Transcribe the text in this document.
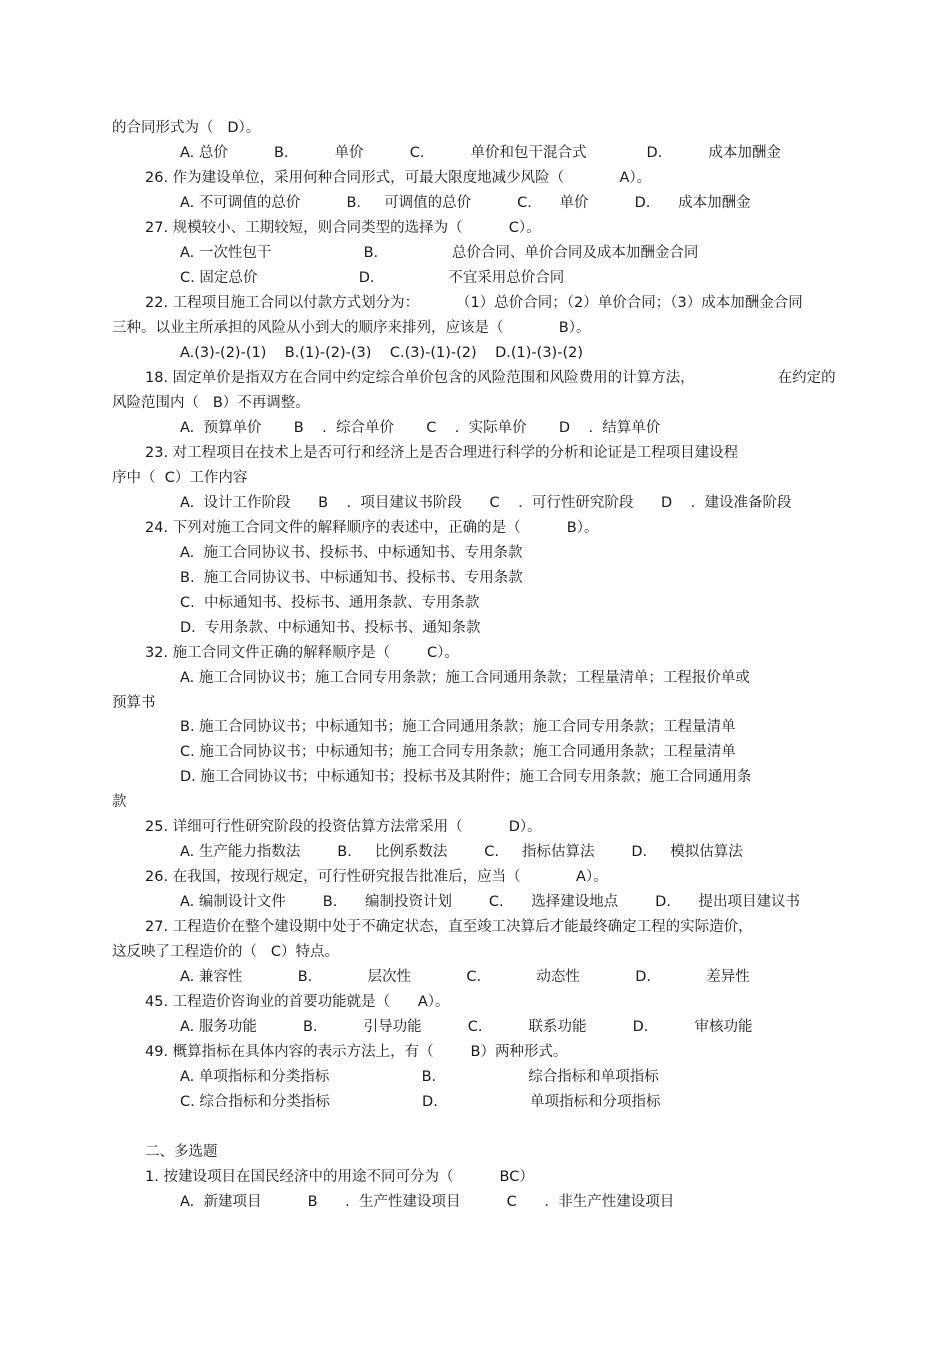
的合同形式为（   D）。
A. 总价          B.          单价          C.          单价和包干混合式             D.          成本加酬金
26. 作为建设单位，采用何种合同形式，可最大限度地减少风险（            A）。
A. 不可调值的总价          B.     可调值的总价          C.      单价          D.      成本加酬金
27. 规模较小、工期较短，则合同类型的选择为（          C）。
A. 一次性包干                    B.                总价合同、单价合同及成本加酬金合同
C. 固定总价                      D.                不宜采用总价合同
22. 工程项目施工合同以付款方式划分为：        （1）总价合同；（2）单价合同；（3）成本加酬金合同
三种。以业主所承担的风险从小到大的顺序来排列，应该是（            B）。
A.(3)-(2)-(1)    B.(1)-(2)-(3)    C.(3)-(1)-(2)    D.(1)-(3)-(2)
18. 固定单价是指双方在合同中约定综合单价包含的风险范围和风险费用的计算方法，                  在约定的
风险范围内（   B）不再调整。
A.  预算单价       B    .  综合单价       C    .  实际单价       D    .  结算单价
23. 对工程项目在技术上是否可行和经济上是否合理进行科学的分析和论证是工程项目建设程
序中（  C）工作内容
A.  设计工作阶段      B    .  项目建议书阶段      C    .  可行性研究阶段      D    .  建设准备阶段
24. 下列对施工合同文件的解释顺序的表述中，正确的是（          B）。
A.  施工合同协议书、投标书、中标通知书、专用条款
B.  施工合同协议书、中标通知书、投标书、专用条款
C.  中标通知书、投标书、通用条款、专用条款
D.  专用条款、中标通知书、投标书、通知条款
32. 施工合同文件正确的解释顺序是（        C）。
A. 施工合同协议书；施工合同专用条款；施工合同通用条款；工程量清单；工程报价单或
预算书
B. 施工合同协议书；中标通知书；施工合同通用条款；施工合同专用条款；工程量清单
C. 施工合同协议书；中标通知书；施工合同专用条款；施工合同通用条款；工程量清单
D. 施工合同协议书；中标通知书；投标书及其附件；施工合同专用条款；施工合同通用条
款
25. 详细可行性研究阶段的投资估算方法常采用（          D）。
A. 生产能力指数法        B.     比例系数法        C.     指标估算法        D.     模拟估算法
26. 在我国，按现行规定，可行性研究报告批准后，应当（            A）。
A. 编制设计文件        B.      编制投资计划        C.      选择建设地点        D.      提出项目建议书
27. 工程造价在整个建设期中处于不确定状态，直至竣工决算后才能最终确定工程的实际造价，
这反映了工程造价的（   C）特点。
A. 兼容性            B.            层次性            C.            动态性            D.            差异性
45. 工程造价咨询业的首要功能就是（      A）。
A. 服务功能          B.          引导功能          C.          联系功能          D.          审核功能
49. 概算指标在具体内容的表示方法上，有（        B）两种形式。
A. 单项指标和分类指标                    B.                    综合指标和单项指标
C. 综合指标和分类指标                    D.                    单项指标和分项指标
二、多选题
1. 按建设项目在国民经济中的用途不同可分为（          BC）
A.  新建项目          B      .  生产性建设项目          C      .  非生产性建设项目
